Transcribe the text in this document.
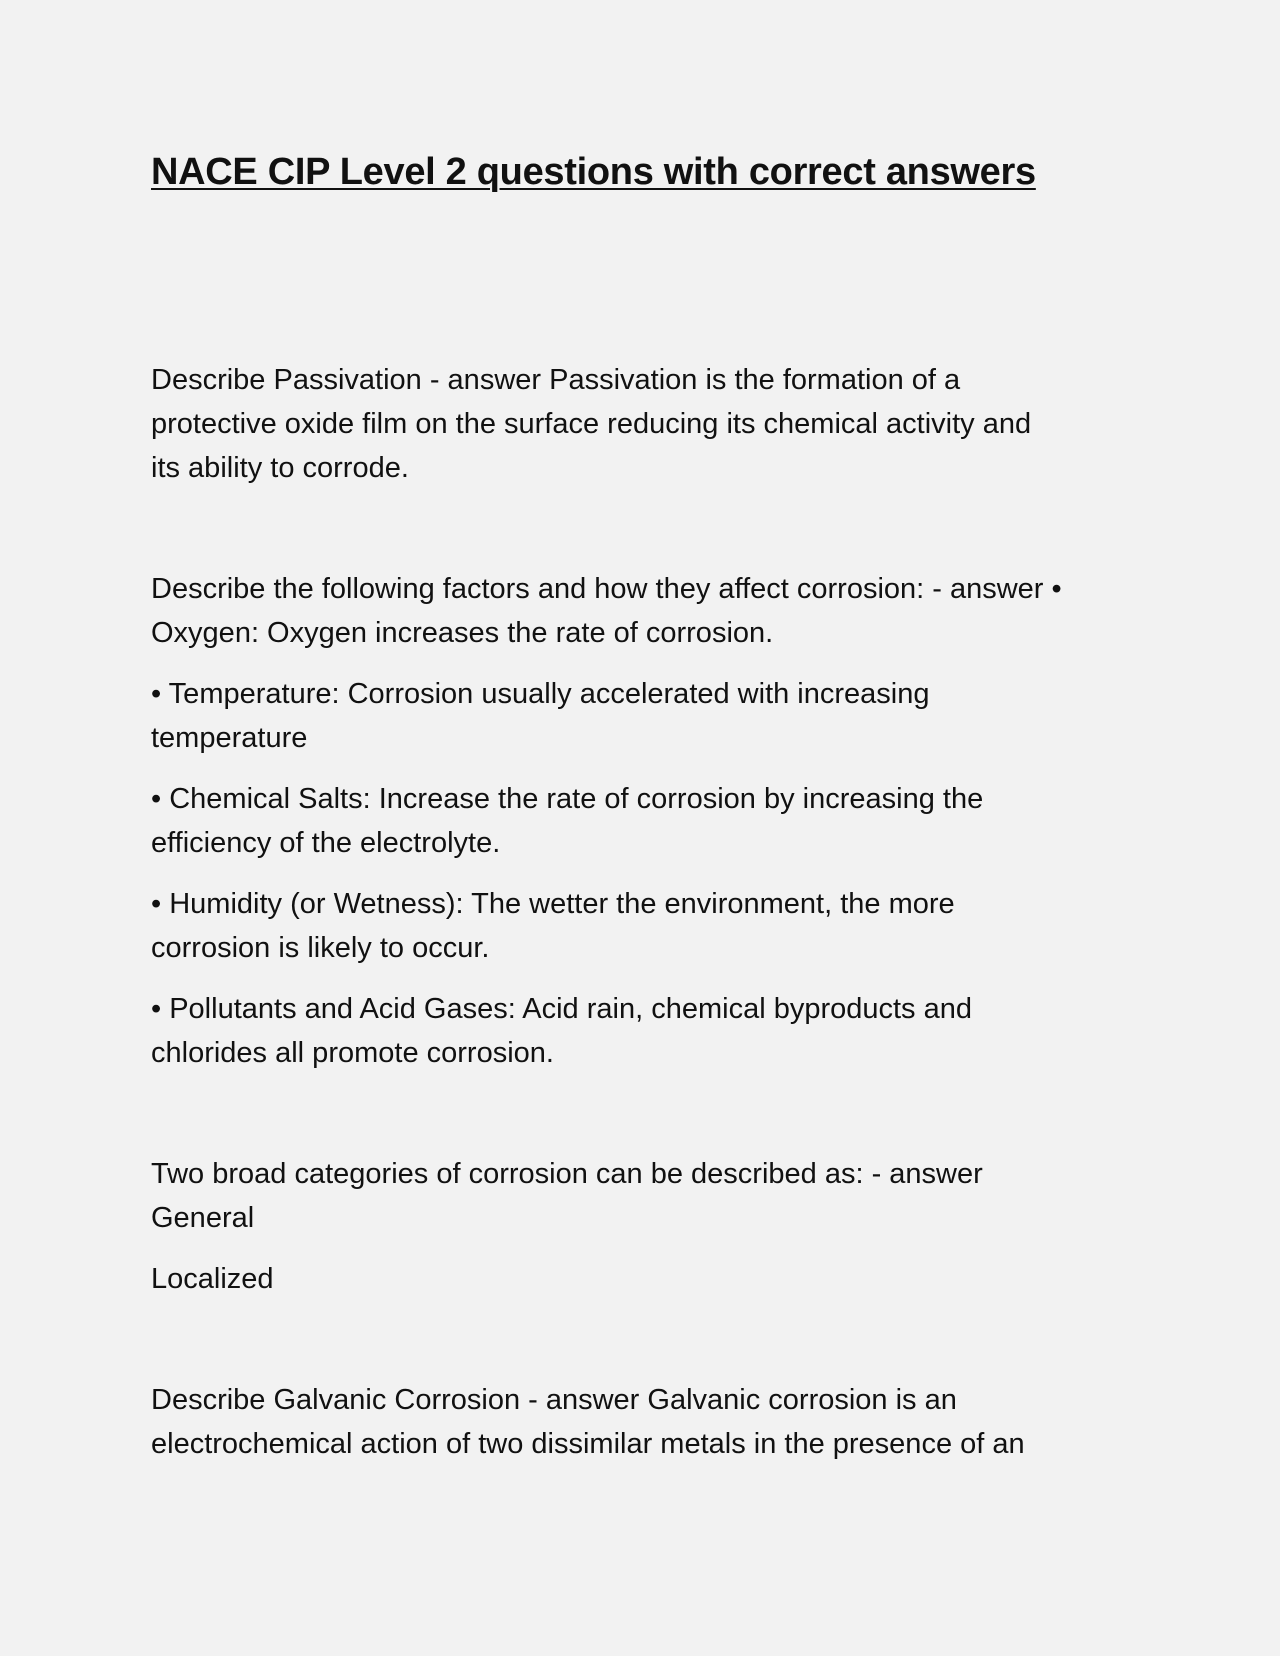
NACE CIP Level 2 questions with correct answers
Describe Passivation - answer Passivation is the formation of a
protective oxide film on the surface reducing its chemical activity and
its ability to corrode.
Describe the following factors and how they affect corrosion: - answer •
Oxygen: Oxygen increases the rate of corrosion.
• Temperature: Corrosion usually accelerated with increasing
temperature
• Chemical Salts: Increase the rate of corrosion by increasing the
efficiency of the electrolyte.
• Humidity (or Wetness): The wetter the environment, the more
corrosion is likely to occur.
• Pollutants and Acid Gases: Acid rain, chemical byproducts and
chlorides all promote corrosion.
Two broad categories of corrosion can be described as: - answer
General
Localized
Describe Galvanic Corrosion - answer Galvanic corrosion is an
electrochemical action of two dissimilar metals in the presence of an
